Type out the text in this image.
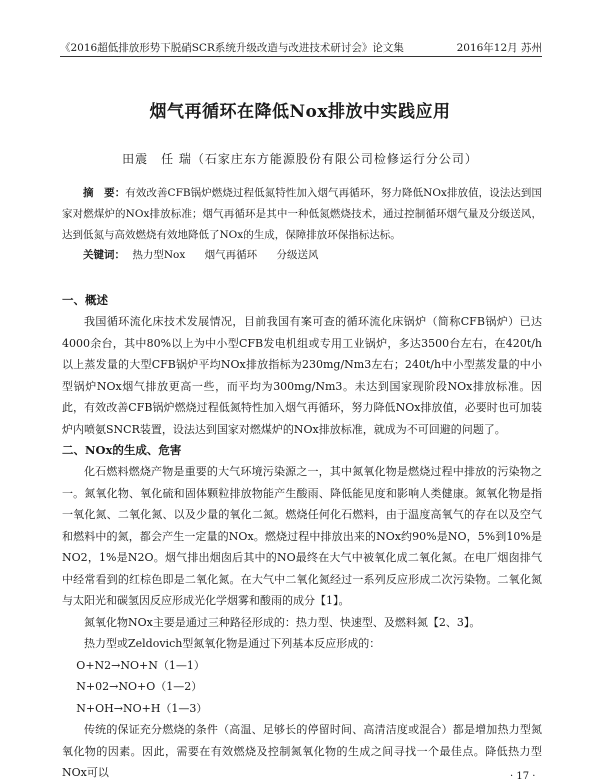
《2016超低排放形势下脱硝SCR系统升级改造与改进技术研讨会》论文集	2016年12月 苏州
烟气再循环在降低Nox排放中实践应用
田震　任 瑞（石家庄东方能源股份有限公司检修运行分公司）
摘　要：有效改善CFB锅炉燃烧过程低氮特性加入烟气再循环，努力降低NOx排放值，设法达到国家对燃煤炉的NOx排放标准；烟气再循环是其中一种低氮燃烧技术，通过控制循环烟气量及分级送风，达到低氮与高效燃烧有效地降低了NOx的生成，保障排放环保指标达标。
关键词： 热力型Nox 烟气再循环 分级送风

一、概述

我国循环流化床技术发展情况，目前我国有案可查的循环流化床锅炉（简称CFB锅炉）已达4000余台，其中80%以上为中小型CFB发电机组或专用工业锅炉，多达3500台左右，在420t/h以上蒸发量的大型CFB锅炉平均NOx排放指标为230mg/Nm3左右；240t/h中小型蒸发量的中小型锅炉NOx烟气排放更高一些，而平均为300mg/Nm3。未达到国家现阶段NOx排放标准。因此，有效改善CFB锅炉燃烧过程低氮特性加入烟气再循环，努力降低NOx排放值，必要时也可加装炉内喷氨SNCR装置，设法达到国家对燃煤炉的NOx排放标准，就成为不可回避的问题了。

二、NOx的生成、危害

化石燃料燃烧产物是重要的大气环境污染源之一，其中氮氧化物是燃烧过程中排放的污染物之一。氮氧化物、氧化硫和固体颗粒排放物能产生酸雨、降低能见度和影响人类健康。氮氧化物是指一氧化氮、二氧化氮、以及少量的氧化二氮。燃烧任何化石燃料，由于温度高氧气的存在以及空气和燃料中的氮，都会产生一定量的NOx。燃烧过程中排放出来的NOx约90%是NO，5%到10%是NO2，1%是N2O。烟气排出烟囱后其中的NO最终在大气中被氧化成二氧化氮。在电厂烟囱排气中经常看到的红棕色即是二氧化氮。在大气中二氧化氮经过一系列反应形成二次污染物。二氧化氮与太阳光和碳氢因反应形成光化学烟雾和酸雨的成分【1】。

氮氧化物NOx主要是通过三种路径形成的：热力型、快速型、及燃料氮【2、3】。

热力型或Zeldovich型氮氧化物是通过下列基本反应形成的：

O+N2→NO+N（1—1）

N+02→NO+O（1—2）

N+OH→NO+H（1—3）

传统的保证充分燃烧的条件（高温、足够长的停留时间、高清洁度或混合）都是增加热力型氮氧化物的因素。因此，需要在有效燃烧及控制氮氧化物的生成之间寻找一个最佳点。降低热力型NOx可以	· 17 ·
